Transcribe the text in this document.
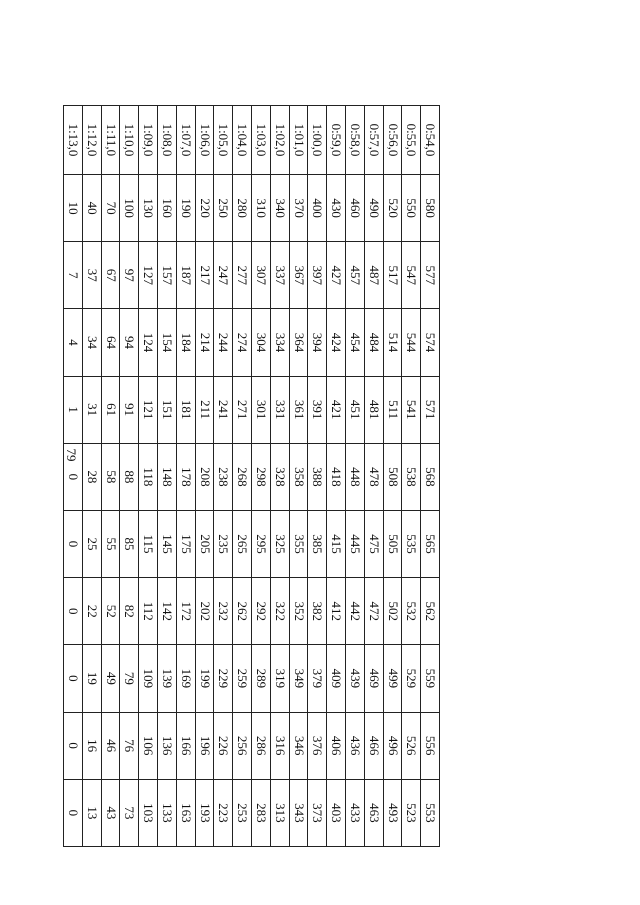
79
0:54,0	580	577	574	571	568	565	562	559	556	553
0:55,0	550	547	544	541	538	535	532	529	526	523
0:56,0	520	517	514	511	508	505	502	499	496	493
0:57,0	490	487	484	481	478	475	472	469	466	463
0:58,0	460	457	454	451	448	445	442	439	436	433
0:59,0	430	427	424	421	418	415	412	409	406	403
1:00,0	400	397	394	391	388	385	382	379	376	373
1:01,0	370	367	364	361	358	355	352	349	346	343
1:02,0	340	337	334	331	328	325	322	319	316	313
1:03,0	310	307	304	301	298	295	292	289	286	283
1:04,0	280	277	274	271	268	265	262	259	256	253
1:05,0	250	247	244	241	238	235	232	229	226	223
1:06,0	220	217	214	211	208	205	202	199	196	193
1:07,0	190	187	184	181	178	175	172	169	166	163
1:08,0	160	157	154	151	148	145	142	139	136	133
1:09,0	130	127	124	121	118	115	112	109	106	103
1:10,0	100	97	94	91	88	85	82	79	76	73
1:11,0	70	67	64	61	58	55	52	49	46	43
1:12,0	40	37	34	31	28	25	22	19	16	13
1:13,0	10	7	4	1	0	0	0	0	0	0
